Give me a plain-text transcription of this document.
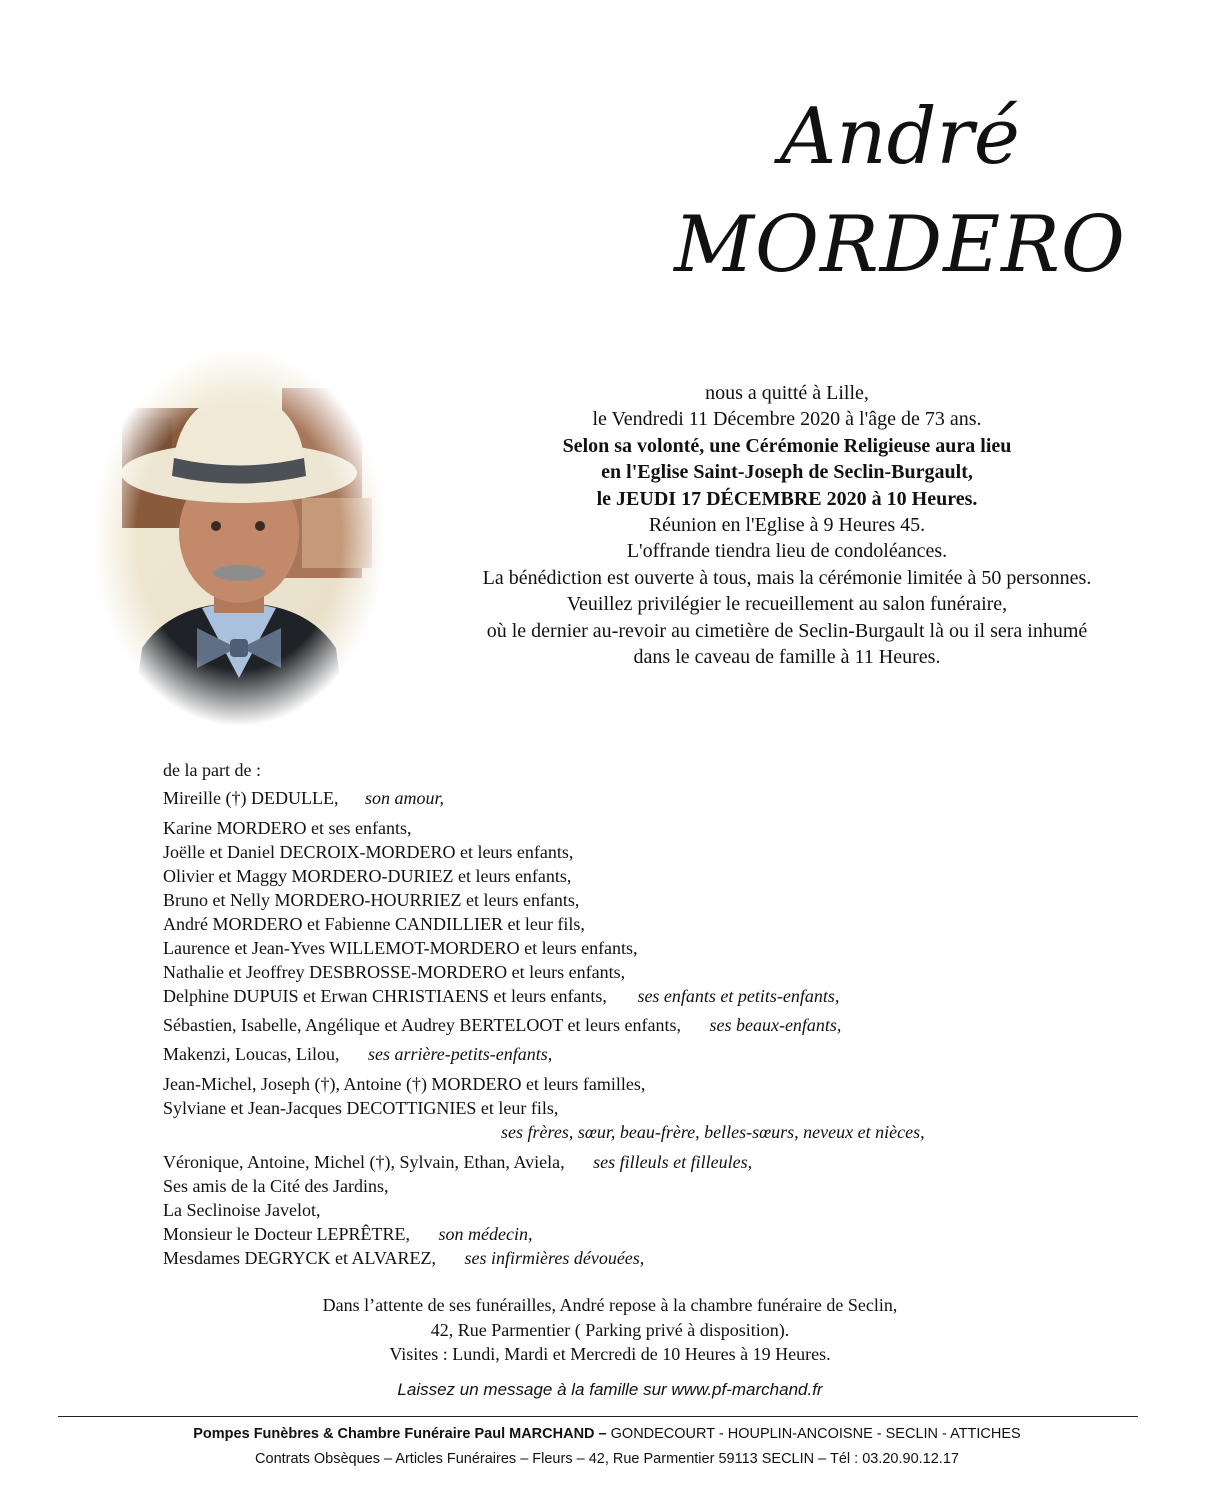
André
MORDERO
nous a quitté à Lille,
le Vendredi 11 Décembre 2020 à l'âge de 73 ans.
Selon sa volonté, une Cérémonie Religieuse aura lieu
en l'Eglise Saint-Joseph de Seclin-Burgault,
le JEUDI 17 DÉCEMBRE 2020 à 10 Heures.
Réunion en l'Eglise à 9 Heures 45.
L'offrande tiendra lieu de condoléances.
La bénédiction est ouverte à tous, mais la cérémonie limitée à 50 personnes.
Veuillez privilégier le recueillement au salon funéraire,
où le dernier au-revoir au cimetière de Seclin-Burgault là ou il sera inhumé
dans le caveau de famille à 11 Heures.
de la part de :
Mireille (†) DEDULLE, son amour,
Karine MORDERO et ses enfants,
Joëlle et Daniel DECROIX-MORDERO et leurs enfants,
Olivier et Maggy MORDERO-DURIEZ et leurs enfants,
Bruno et Nelly MORDERO-HOURRIEZ et leurs enfants,
André MORDERO et Fabienne CANDILLIER et leur fils,
Laurence et Jean-Yves WILLEMOT-MORDERO et leurs enfants,
Nathalie et Jeoffrey DESBROSSE-MORDERO et leurs enfants,
Delphine DUPUIS et Erwan CHRISTIAENS et leurs enfants, ses enfants et petits-enfants,
Sébastien, Isabelle, Angélique et Audrey BERTELOOT et leurs enfants, ses beaux-enfants,
Makenzi, Loucas, Lilou, ses arrière-petits-enfants,
Jean-Michel, Joseph (†), Antoine (†) MORDERO et leurs familles,
Sylviane et Jean-Jacques DECOTTIGNIES et leur fils,
ses frères, sœur, beau-frère, belles-sœurs, neveux et nièces,
Véronique, Antoine, Michel (†), Sylvain, Ethan, Aviela, ses filleuls et filleules,
Ses amis de la Cité des Jardins,
La Seclinoise Javelot,
Monsieur le Docteur LEPRÊTRE, son médecin,
Mesdames DEGRYCK et ALVAREZ, ses infirmières dévouées,
Dans l’attente de ses funérailles, André repose à la chambre funéraire de Seclin,
42, Rue Parmentier ( Parking privé à disposition).
Visites : Lundi, Mardi et Mercredi de 10 Heures à 19 Heures.
Laissez un message à la famille sur www.pf-marchand.fr
Pompes Funèbres & Chambre Funéraire Paul MARCHAND – GONDECOURT - HOUPLIN-ANCOISNE - SECLIN - ATTICHES
Contrats Obsèques – Articles Funéraires – Fleurs – 42, Rue Parmentier 59113 SECLIN – Tél : 03.20.90.12.17
